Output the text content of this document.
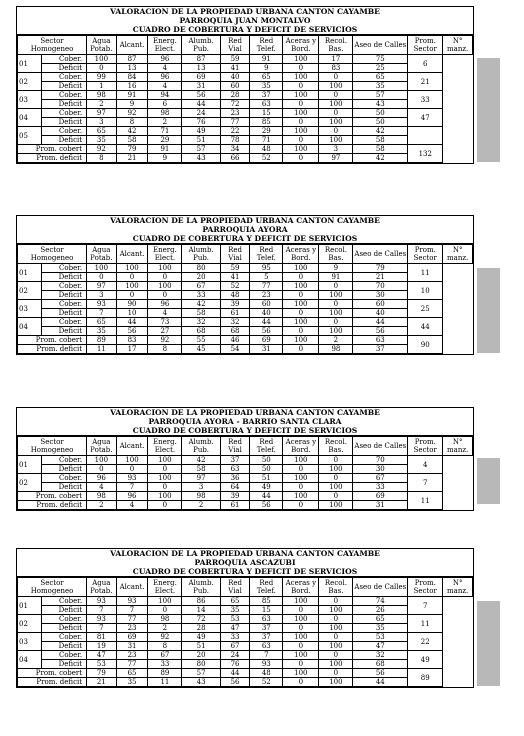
VALORACION DE LA PROPIEDAD URBANA CANTON CAYAMBE
PARROQUIA JUAN MONTALVO
CUADRO DE COBERTURA Y DEFICIT DE SERVICIOS
Sector Homogeneo		Agua Potab.	Alcant.	Energ. Elect.	Alumb. Pub.	Red Vial	Red Telef.	Aceras y Bord.	Recol. Bas.	Aseo de Calles	Prom. Sector	N° manz.
01	Cober.	100	87	96	87	59	91	100	17	75	6	
	Deficit	0	13	4	13	41	9	0	83	25		
02	Cober.	99	84	96	69	40	65	100	0	65	21	
	Deficit	1	16	4	31	60	35	0	100	35		
03	Cober.	98	91	94	56	28	37	100	0	57	33	
	Deficit	2	9	6	44	72	63	0	100	43		
04	Cober.	97	92	98	24	23	15	100	0	50	47	
	Deficit	3	8	2	76	77	85	0	100	50		
05	Cober.	65	42	71	49	22	29	100	0	42		
	Deficit	35	58	29	51	78	71	0	100	58		
Prom. cobert		92	79	91	57	34	48	100	3	58	132	
Prom. deficit		8	21	9	43	66	52	0	97	42		
VALORACION DE LA PROPIEDAD URBANA CANTON CAYAMBE
PARROQUIA AYORA
CUADRO DE COBERTURA Y DEFICIT DE SERVICIOS
Sector Homogeneo		Agua Potab.	Alcant.	Energ. Elect.	Alumb. Pub.	Red Vial	Red Telef.	Aceras y Bord.	Recol. Bas.	Aseo de Calles	Prom. Sector	N° manz.
01	Cober.	100	100	100	80	59	95	100	9	79	11	
	Deficit	0	0	0	20	41	5	0	91	21		
02	Cober.	97	100	100	67	52	77	100	0	70	10	
	Deficit	3	0	0	33	48	23	0	100	30		
03	Cober.	93	90	96	42	39	60	100	0	60	25	
	Deficit	7	10	4	58	61	40	0	100	40		
04	Cober.	65	44	73	32	32	44	100	0	44	44	
	Deficit	35	56	27	68	68	56	0	100	56		
Prom. cobert		89	83	92	55	46	69	100	2	63	90	
Prom. deficit		11	17	8	45	54	31	0	98	37		
VALORACION DE LA PROPIEDAD URBANA CANTON CAYAMBE
PARROQUIA AYORA - BARRIO SANTA CLARA
CUADRO DE COBERTURA Y DEFICIT DE SERVICIOS
Sector Homogeneo		Agua Potab.	Alcant.	Energ. Elect.	Alumb. Pub.	Red Vial	Red Telef.	Aceras y Bord.	Recol. Bas.	Aseo de Calles	Prom. Sector	N° manz.
01	Cober.	100	100	100	42	37	50	100	0	70	4	
	Deficit	0	0	0	58	63	50	0	100	30		
02	Cober.	96	93	100	97	36	51	100	0	67	7	
	Deficit	4	7	0	3	64	49	0	100	33		
Prom. cobert		98	96	100	98	39	44	100	0	69	11	
Prom. deficit		2	4	0	2	61	56	0	100	31		
VALORACION DE LA PROPIEDAD URBANA CANTON CAYAMBE
PARROQUIA ASCAZUBI
CUADRO DE COBERTURA Y DEFICIT DE SERVICIOS
Sector Homogeneo		Agua Potab.	Alcant.	Energ. Elect.	Alumb. Pub.	Red Vial	Red Telef.	Aceras y Bord.	Recol. Bas.	Aseo de Calles	Prom. Sector	N° manz.
01	Cober.	93	93	100	86	65	85	100	0	74	7	
	Deficit	7	7	0	14	35	15	0	100	26		
02	Cober.	93	77	98	72	53	63	100	0	65	11	
	Deficit	7	23	2	28	47	37	0	100	35		
03	Cober.	81	69	92	49	33	37	100	0	53	22	
	Deficit	19	31	8	51	67	63	0	100	47		
04	Cober.	47	23	67	20	24	7	100	0	32	49	
	Deficit	53	77	33	80	76	93	0	100	68		
Prom. cobert		79	65	89	57	44	48	100	0	56	89	
Prom. deficit		21	35	11	43	56	52	0	100	44		
